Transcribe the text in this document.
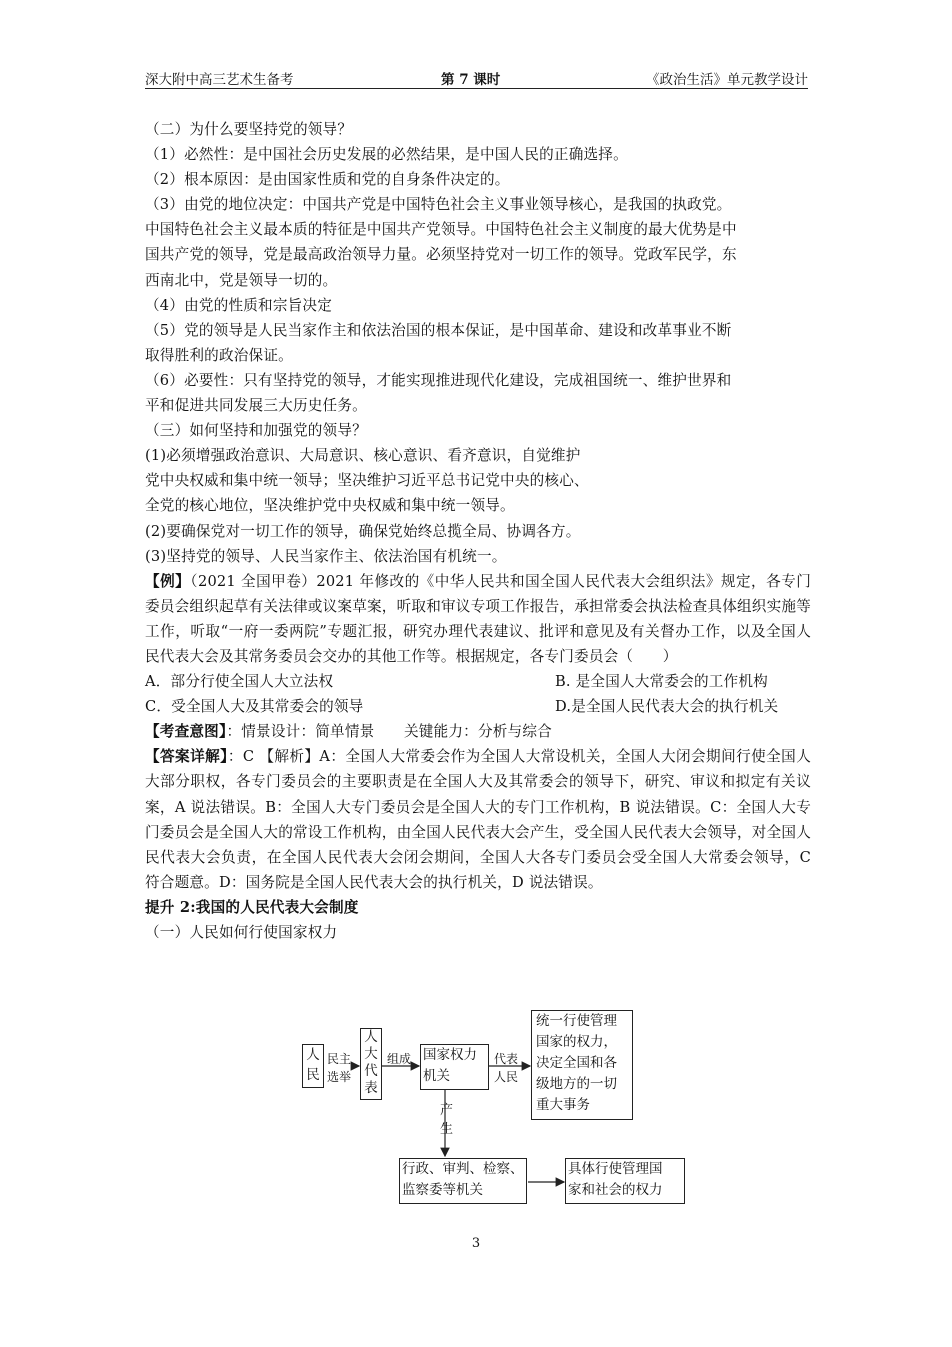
深大附中高三艺术生备考	第 7 课时	《政治生活》单元教学设计

（二）为什么要坚持党的领导？

（1）必然性：是中国社会历史发展的必然结果，是中国人民的正确选择。

（2）根本原因：是由国家性质和党的自身条件决定的。

（3）由党的地位决定：中国共产党是中国特色社会主义事业领导核心，是我国的执政党。

中国特色社会主义最本质的特征是中国共产党领导。中国特色社会主义制度的最大优势是中

国共产党的领导，党是最高政治领导力量。必须坚持党对一切工作的领导。党政军民学，东

西南北中，党是领导一切的。

（4）由党的性质和宗旨决定

（5）党的领导是人民当家作主和依法治国的根本保证，是中国革命、建设和改革事业不断

取得胜利的政治保证。

（6）必要性：只有坚持党的领导，才能实现推进现代化建设，完成祖国统一、维护世界和

平和促进共同发展三大历史任务。

（三）如何坚持和加强党的领导？

(1)必须增强政治意识、大局意识、核心意识、看齐意识，自觉维护

党中央权威和集中统一领导；坚决维护习近平总书记党中央的核心、

全党的核心地位，坚决维护党中央权威和集中统一领导。

(2)要确保党对一切工作的领导，确保党始终总揽全局、协调各方。

(3)坚持党的领导、人民当家作主、依法治国有机统一。

【例】（2021 全国甲卷）2021 年修改的《中华人民共和国全国人民代表大会组织法》规定，各专门委员会组织起草有关法律或议案草案，听取和审议专项工作报告，承担常委会执法检查具体组织实施等工作，听取“一府一委两院”专题汇报，研究办理代表建议、批评和意见及有关督办工作，以及全国人民代表大会及其常务委员会交办的其他工作等。根据规定，各专门委员会（　　）

A．部分行使全国人大立法权	B. 是全国人大常委会的工作机构
C．受全国人大及其常委会的领导	D.是全国人民代表大会的执行机关

【考查意图】：情景设计：简单情景　　关键能力：分析与综合

【答案详解】：C 【解析】A：全国人大常委会作为全国人大常设机关，全国人大闭会期间行使全国人大部分职权，各专门委员会的主要职责是在全国人大及其常委会的领导下，研究、审议和拟定有关议案，A 说法错误。B：全国人大专门委员会是全国人大的专门工作机构，B 说法错误。C：全国人大专门委员会是全国人大的常设工作机构，由全国人民代表大会产生，受全国人民代表大会领导，对全国人民代表大会负责，在全国人民代表大会闭会期间，全国人大各专门委员会受全国人大常委会领导，C 符合题意。D：国务院是全国人民代表大会的执行机关，D 说法错误。

提升 2:我国的人民代表大会制度

（一）人民如何行使国家权力

人民
民主
选举
人大代表
组成 国家权力
机关
代表
人民
统一行使管理
国家的权力，
决定全国和各
级地方的一切
重大事务
产
生
行政、审判、检察、
监察委等机关
具体行使管理国
家和社会的权力
3
